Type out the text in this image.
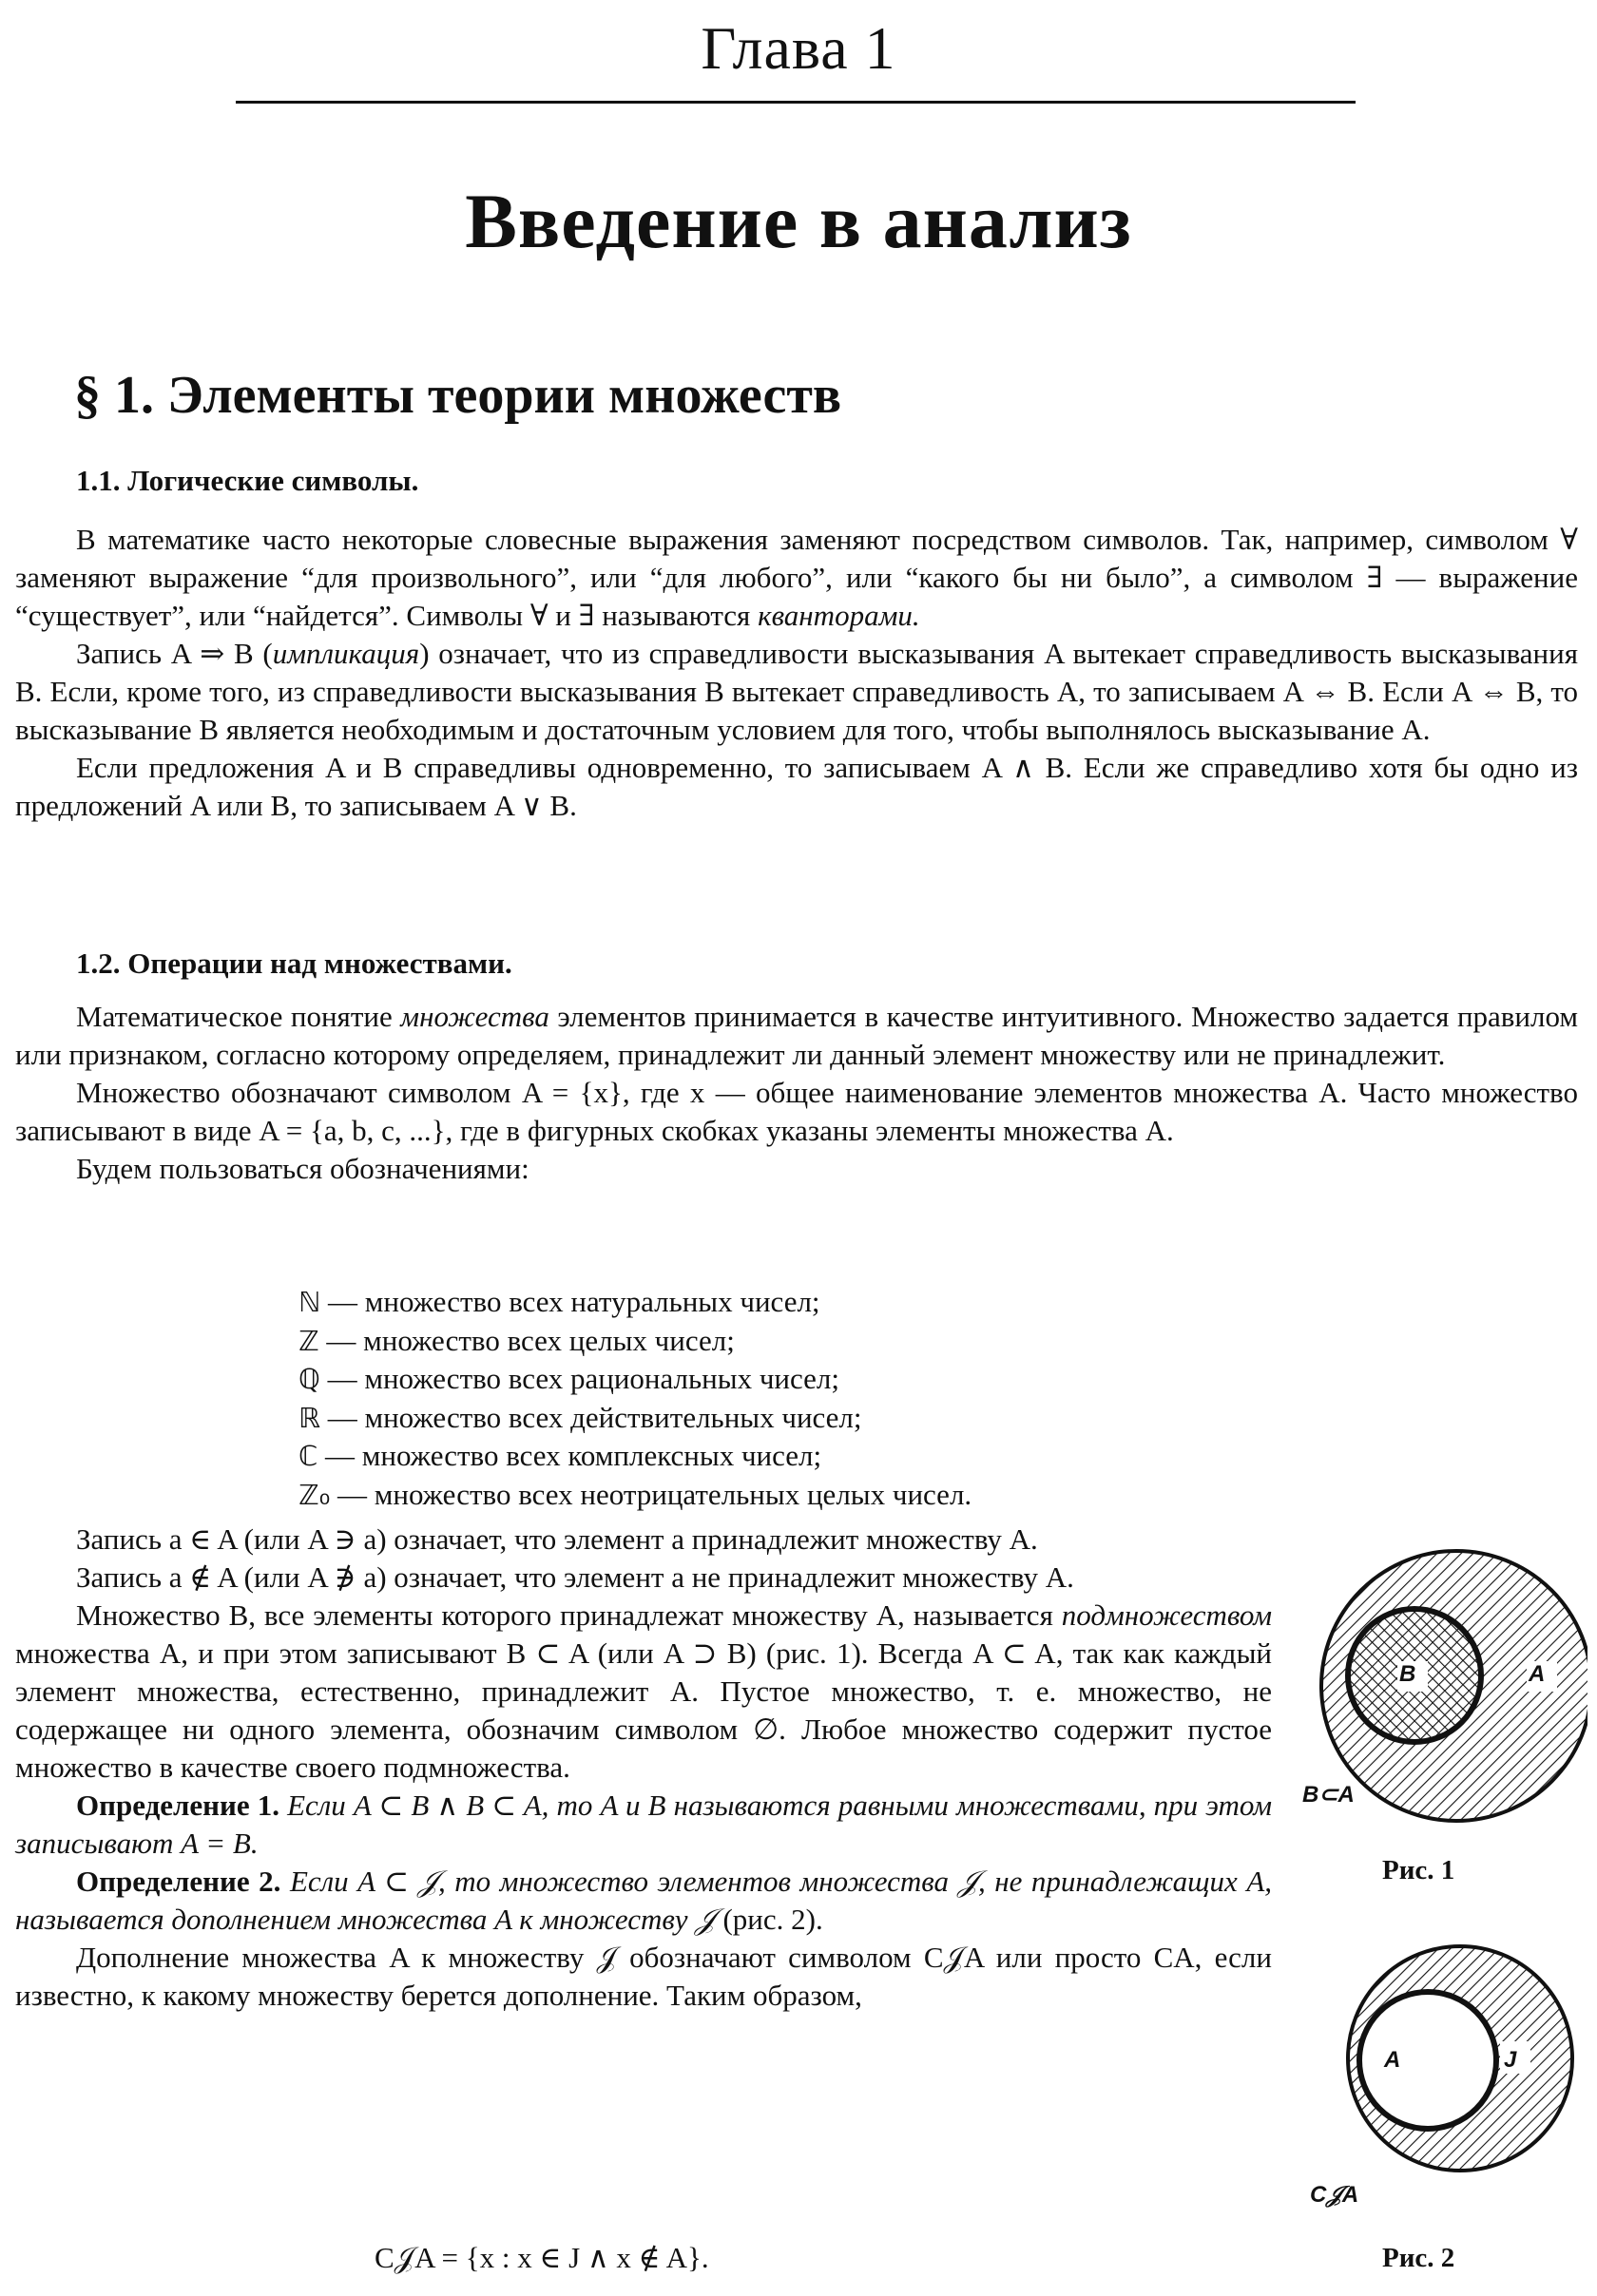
Глава 1
Введение в анализ
§ 1. Элементы теории множеств
1.1. Логические символы.

В математике часто некоторые словесные выражения заменяют посредством символов. Так, например, символом ∀ заменяют выражение “для произвольного”, или “для любого”, или “какого бы ни было”, а символом ∃ — выражение “существует”, или “найдется”. Символы ∀ и ∃ называются кванторами.

Запись A ⇒ B (импликация) означает, что из справедливости высказывания A вытекает справедливость высказывания B. Если, кроме того, из справедливости высказывания B вытекает справедливость A, то записываем A ⇔ B. Если A ⇔ B, то высказывание B является необходимым и достаточным условием для того, чтобы выполнялось высказывание A.

Если предложения A и B справедливы одновременно, то записываем A ∧ B. Если же справедливо хотя бы одно из предложений A или B, то записываем A ∨ B.

1.2. Операции над множествами.

Математическое понятие множества элементов принимается в качестве интуитивного. Множество задается правилом или признаком, согласно которому определяем, принадлежит ли данный элемент множеству или не принадлежит.

Множество обозначают символом A = {x}, где x — общее наименование элементов множества A. Часто множество записывают в виде A = {a, b, c, ...}, где в фигурных скобках указаны элементы множества A.

Будем пользоваться обозначениями:

ℕ — множество всех натуральных чисел;
ℤ — множество всех целых чисел;
ℚ — множество всех рациональных чисел;
ℝ — множество всех действительных чисел;
ℂ — множество всех комплексных чисел;
ℤ₀ — множество всех неотрицательных целых чисел.

Запись a ∈ A (или A ∋ a) означает, что элемент a принадлежит множеству A.

Запись a ∉ A (или A ∌ a) означает, что элемент a не принадлежит множеству A.

Множество B, все элементы которого принадлежат множеству A, называется подмножеством множества A, и при этом записывают B ⊂ A (или A ⊃ B) (рис. 1). Всегда A ⊂ A, так как каждый элемент множества, естественно, принадлежит A. Пустое множество, т. е. множество, не содержащее ни одного элемента, обозначим символом ∅. Любое множество содержит пустое множество в качестве своего подмножества.

Определение 1. Если A ⊂ B ∧ B ⊂ A, то A и B называются равными множествами, при этом записывают A = B.

Определение 2. Если A ⊂ 𝒥, то множество элементов множества 𝒥, не принадлежащих A, называется дополнением множества A к множеству 𝒥 (рис. 2).

Дополнение множества A к множеству 𝒥 обозначают символом C𝒥A или просто CA, если известно, к какому множеству берется дополнение. Таким образом,

C𝒥A = {x : x ∈ J ∧ x ∉ A}.
B	A
B⊂A
Рис. 1
A	J
C𝒥A
Рис. 2
